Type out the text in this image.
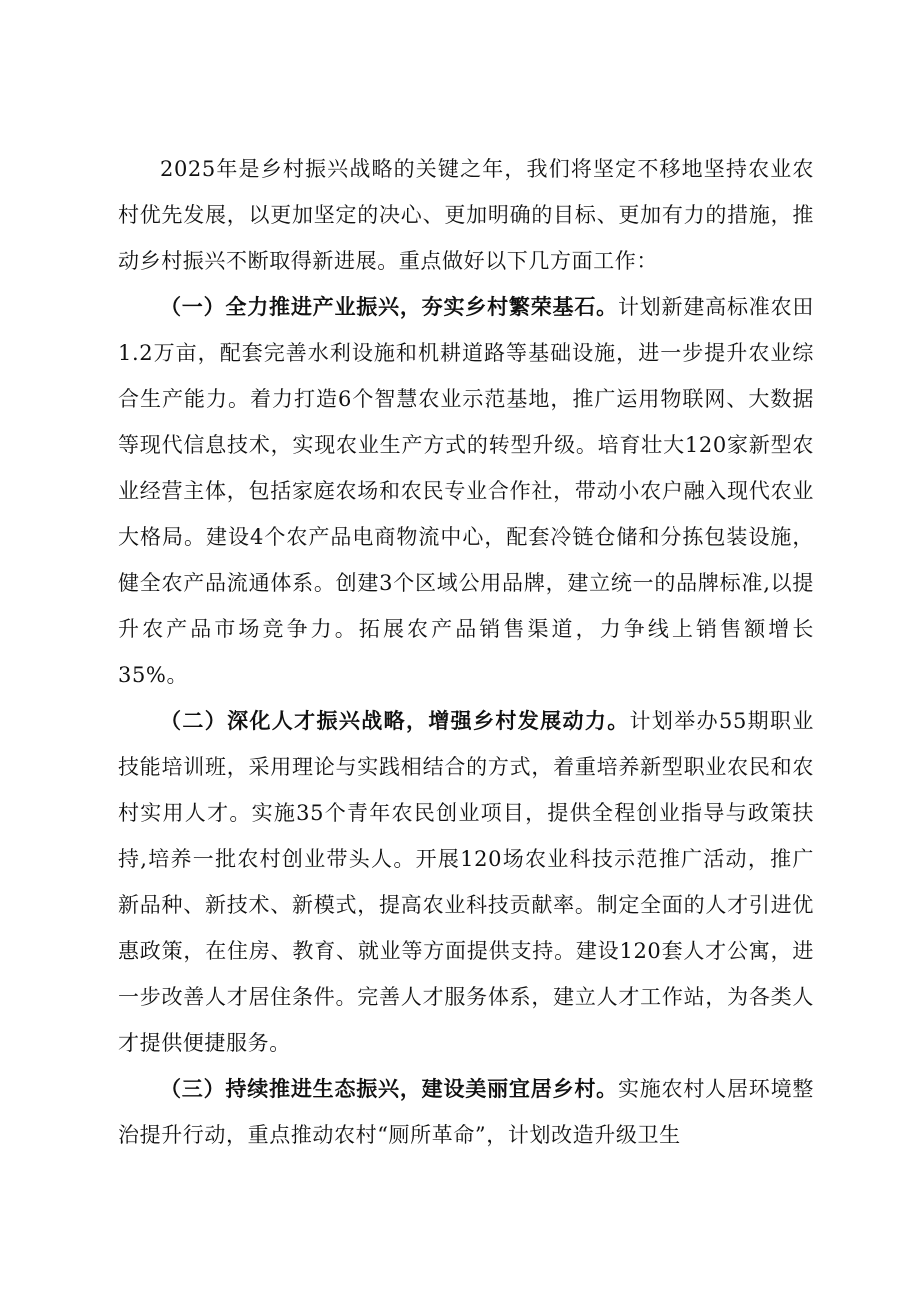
2025年是乡村振兴战略的关键之年，我们将坚定不移地坚持农业农村优先发展，以更加坚定的决心、更加明确的目标、更加有力的措施，推动乡村振兴不断取得新进展。重点做好以下几方面工作：

（一）全力推进产业振兴，夯实乡村繁荣基石。计划新建高标准农田1.2万亩，配套完善水利设施和机耕道路等基础设施，进一步提升农业综合生产能力。着力打造6个智慧农业示范基地，推广运用物联网、大数据等现代信息技术，实现农业生产方式的转型升级。培育壮大120家新型农业经营主体，包括家庭农场和农民专业合作社，带动小农户融入现代农业大格局。建设4个农产品电商物流中心，配套冷链仓储和分拣包装设施，健全农产品流通体系。创建3个区域公用品牌，建立统一的品牌标准,以提升农产品市场竞争力。拓展农产品销售渠道，力争线上销售额增长35%。

（二）深化人才振兴战略，增强乡村发展动力。计划举办55期职业技能培训班，采用理论与实践相结合的方式，着重培养新型职业农民和农村实用人才。实施35个青年农民创业项目，提供全程创业指导与政策扶持,培养一批农村创业带头人。开展120场农业科技示范推广活动，推广新品种、新技术、新模式，提高农业科技贡献率。制定全面的人才引进优惠政策，在住房、教育、就业等方面提供支持。建设120套人才公寓，进一步改善人才居住条件。完善人才服务体系，建立人才工作站，为各类人才提供便捷服务。

（三）持续推进生态振兴，建设美丽宜居乡村。实施农村人居环境整治提升行动，重点推动农村“厕所革命”，计划改造升级卫生
